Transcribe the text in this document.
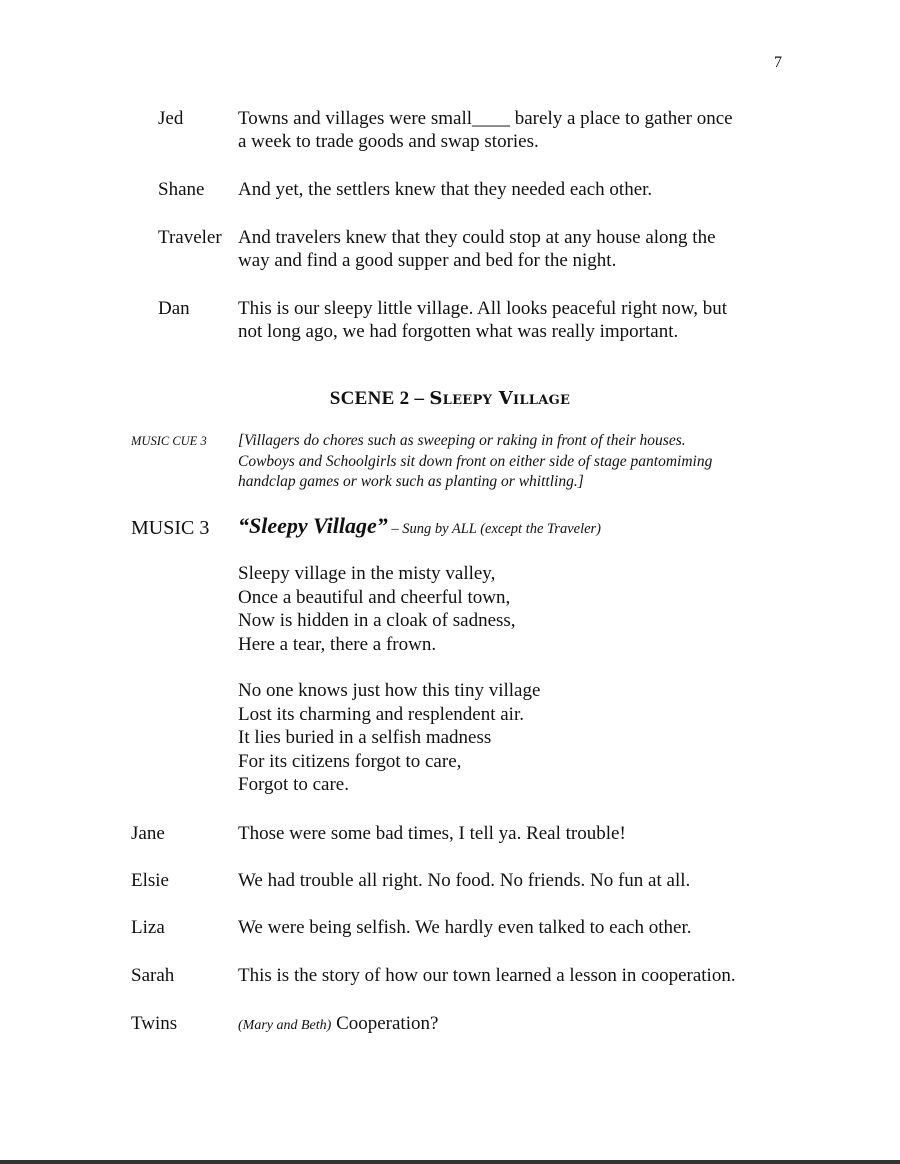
7
Jed	Towns and villages were small____ barely a place to gather once
a week to trade goods and swap stories.
Shane And yet, the settlers knew that they needed each other.
Traveler And travelers knew that they could stop at any house along the
way and find a good supper and bed for the night.
Dan	This is our sleepy little village. All looks peaceful right now, but
not long ago, we had forgotten what was really important.
SCENE 2 – Sleepy Village
MUSIC CUE 3 [Villagers do chores such as sweeping or raking in front of their houses.
Cowboys and Schoolgirls sit down front on either side of stage pantomiming
handclap games or work such as planting or whittling.]
MUSIC 3 “Sleepy Village” – Sung by ALL (except the Traveler)
Sleepy village in the misty valley,
Once a beautiful and cheerful town,
Now is hidden in a cloak of sadness,
Here a tear, there a frown.
No one knows just how this tiny village
Lost its charming and resplendent air.
It lies buried in a selfish madness
For its citizens forgot to care,
Forgot to care.
Jane	Those were some bad times, I tell ya. Real trouble!
Elsie	We had trouble all right. No food. No friends. No fun at all.
Liza	We were being selfish. We hardly even talked to each other.
Sarah	This is the story of how our town learned a lesson in cooperation.
Twins	(Mary and Beth) Cooperation?
